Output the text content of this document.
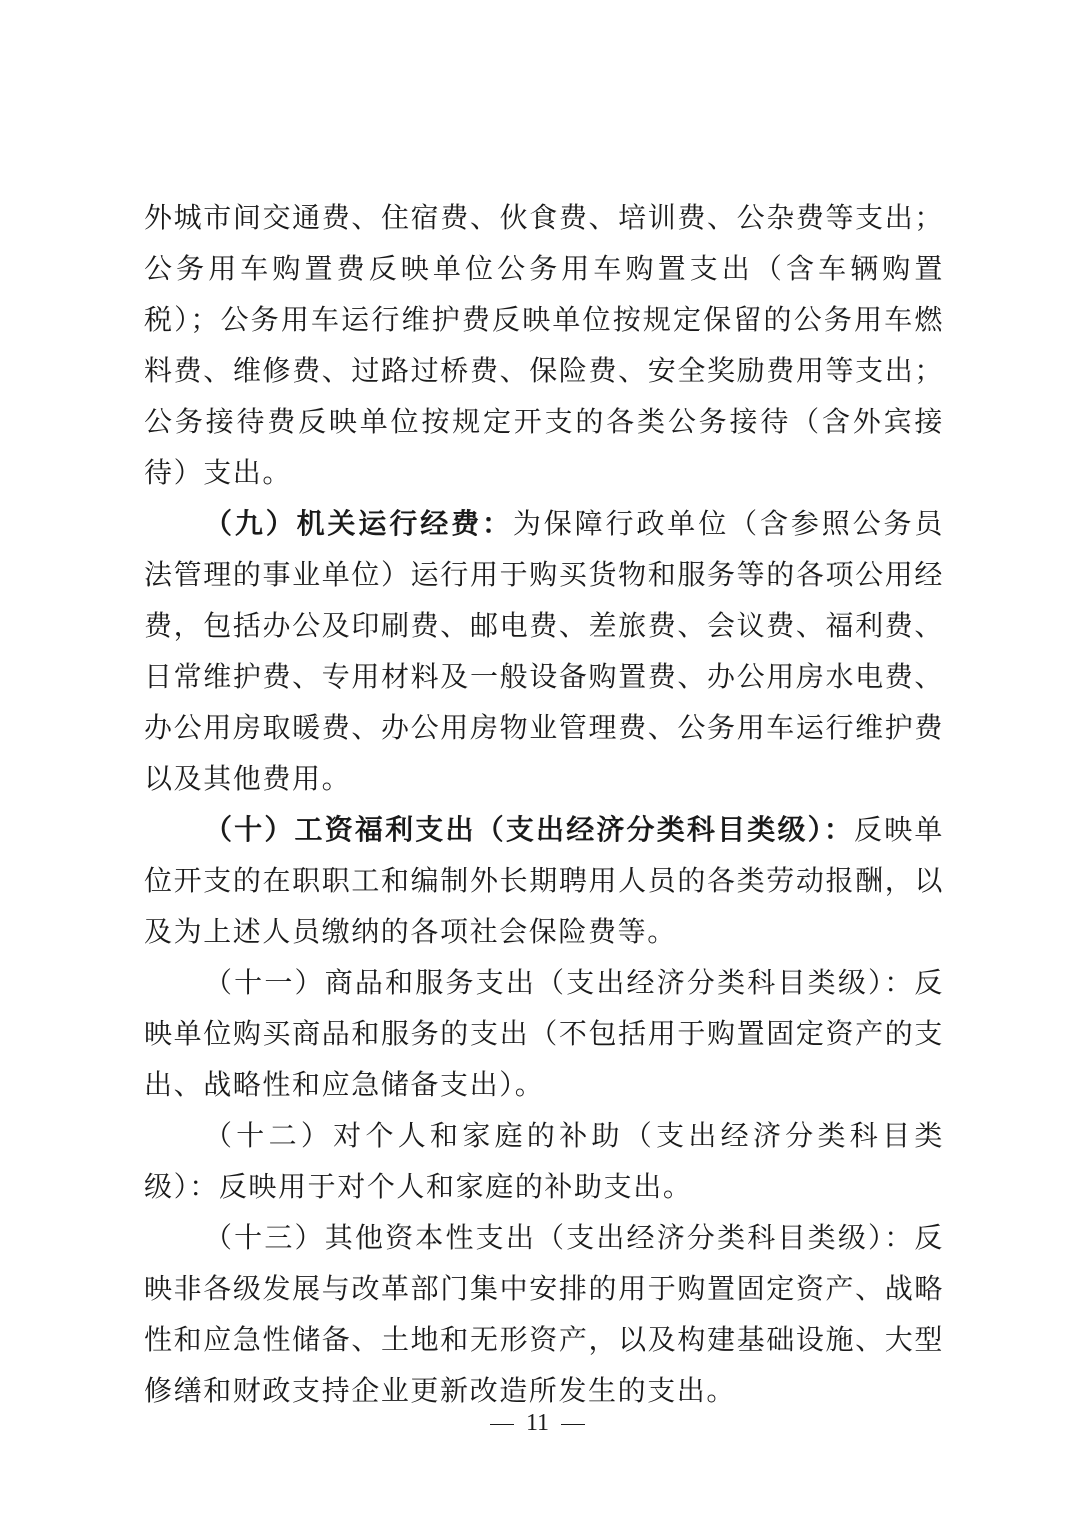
外城市间交通费、住宿费、伙食费、培训费、公杂费等支出；公务用车购置费反映单位公务用车购置支出（含车辆购置税）；公务用车运行维护费反映单位按规定保留的公务用车燃料费、维修费、过路过桥费、保险费、安全奖励费用等支出；公务接待费反映单位按规定开支的各类公务接待（含外宾接待）支出。

（九）机关运行经费：为保障行政单位（含参照公务员法管理的事业单位）运行用于购买货物和服务等的各项公用经费，包括办公及印刷费、邮电费、差旅费、会议费、福利费、日常维护费、专用材料及一般设备购置费、办公用房水电费、办公用房取暖费、办公用房物业管理费、公务用车运行维护费以及其他费用。

（十）工资福利支出（支出经济分类科目类级）：反映单位开支的在职职工和编制外长期聘用人员的各类劳动报酬，以及为上述人员缴纳的各项社会保险费等。

（十一）商品和服务支出（支出经济分类科目类级）：反映单位购买商品和服务的支出（不包括用于购置固定资产的支出、战略性和应急储备支出）。

（十二）对个人和家庭的补助（支出经济分类科目类级）：反映用于对个人和家庭的补助支出。

（十三）其他资本性支出（支出经济分类科目类级）：反映非各级发展与改革部门集中安排的用于购置固定资产、战略性和应急性储备、土地和无形资产，以及构建基础设施、大型修缮和财政支持企业更新改造所发生的支出。

11
